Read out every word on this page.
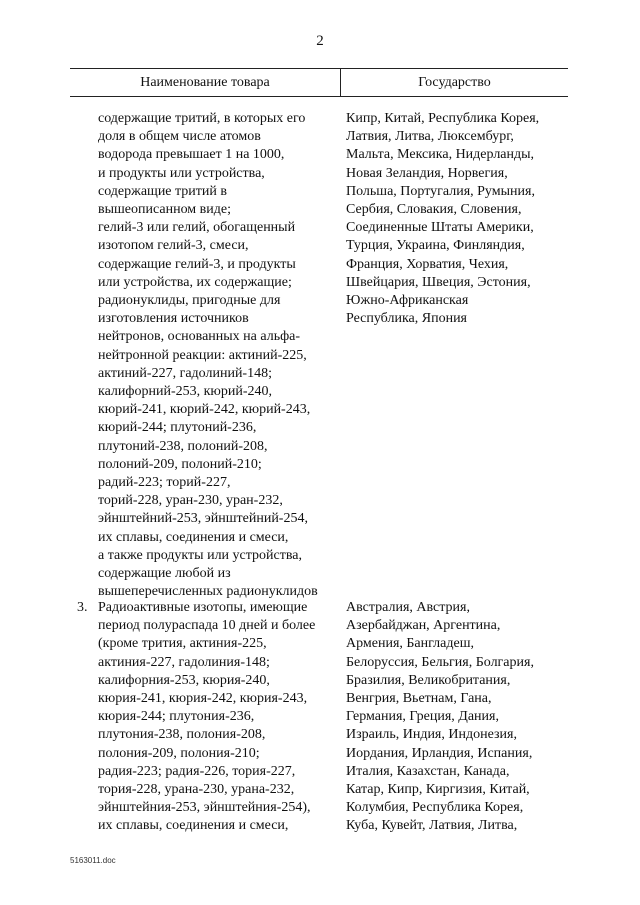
2
Наименование товара	Государство
содержащие тритий, в которых его
доля в общем числе атомов
водорода превышает 1 на 1000,
и продукты или устройства,
содержащие тритий в
вышеописанном виде;
гелий-3 или гелий, обогащенный
изотопом гелий-3, смеси,
содержащие гелий-3, и продукты
или устройства, их содержащие;
радионуклиды, пригодные для
изготовления источников
нейтронов, основанных на альфа-
нейтронной реакции: актиний-225,
актиний-227, гадолиний-148;
калифорний-253, кюрий-240,
кюрий-241, кюрий-242, кюрий-243,
кюрий-244; плутоний-236,
плутоний-238, полоний-208,
полоний-209, полоний-210;
радий-223; торий-227,
торий-228, уран-230, уран-232,
эйнштейний-253, эйнштейний-254,
их сплавы, соединения и смеси,
а также продукты или устройства,
содержащие любой из
вышеперечисленных радионуклидов
Кипр, Китай, Республика Корея,
Латвия, Литва, Люксембург,
Мальта, Мексика, Нидерланды,
Новая Зеландия, Норвегия,
Польша, Португалия, Румыния,
Сербия, Словакия, Словения,
Соединенные Штаты Америки,
Турция, Украина, Финляндия,
Франция, Хорватия, Чехия,
Швейцария, Швеция, Эстония,
Южно-Африканская
Республика, Япония
3. Радиоактивные изотопы, имеющие
период полураспада 10 дней и более
(кроме трития, актиния-225,
актиния-227, гадолиния-148;
калифорния-253, кюрия-240,
кюрия-241, кюрия-242, кюрия-243,
кюрия-244; плутония-236,
плутония-238, полония-208,
полония-209, полония-210;
радия-223; радия-226, тория-227,
тория-228, урана-230, урана-232,
эйнштейния-253, эйнштейния-254),
их сплавы, соединения и смеси,
Австралия, Австрия,
Азербайджан, Аргентина,
Армения, Бангладеш,
Белоруссия, Бельгия, Болгария,
Бразилия, Великобритания,
Венгрия, Вьетнам, Гана,
Германия, Греция, Дания,
Израиль, Индия, Индонезия,
Иордания, Ирландия, Испания,
Италия, Казахстан, Канада,
Катар, Кипр, Киргизия, Китай,
Колумбия, Республика Корея,
Куба, Кувейт, Латвия, Литва,
5163011.doc
